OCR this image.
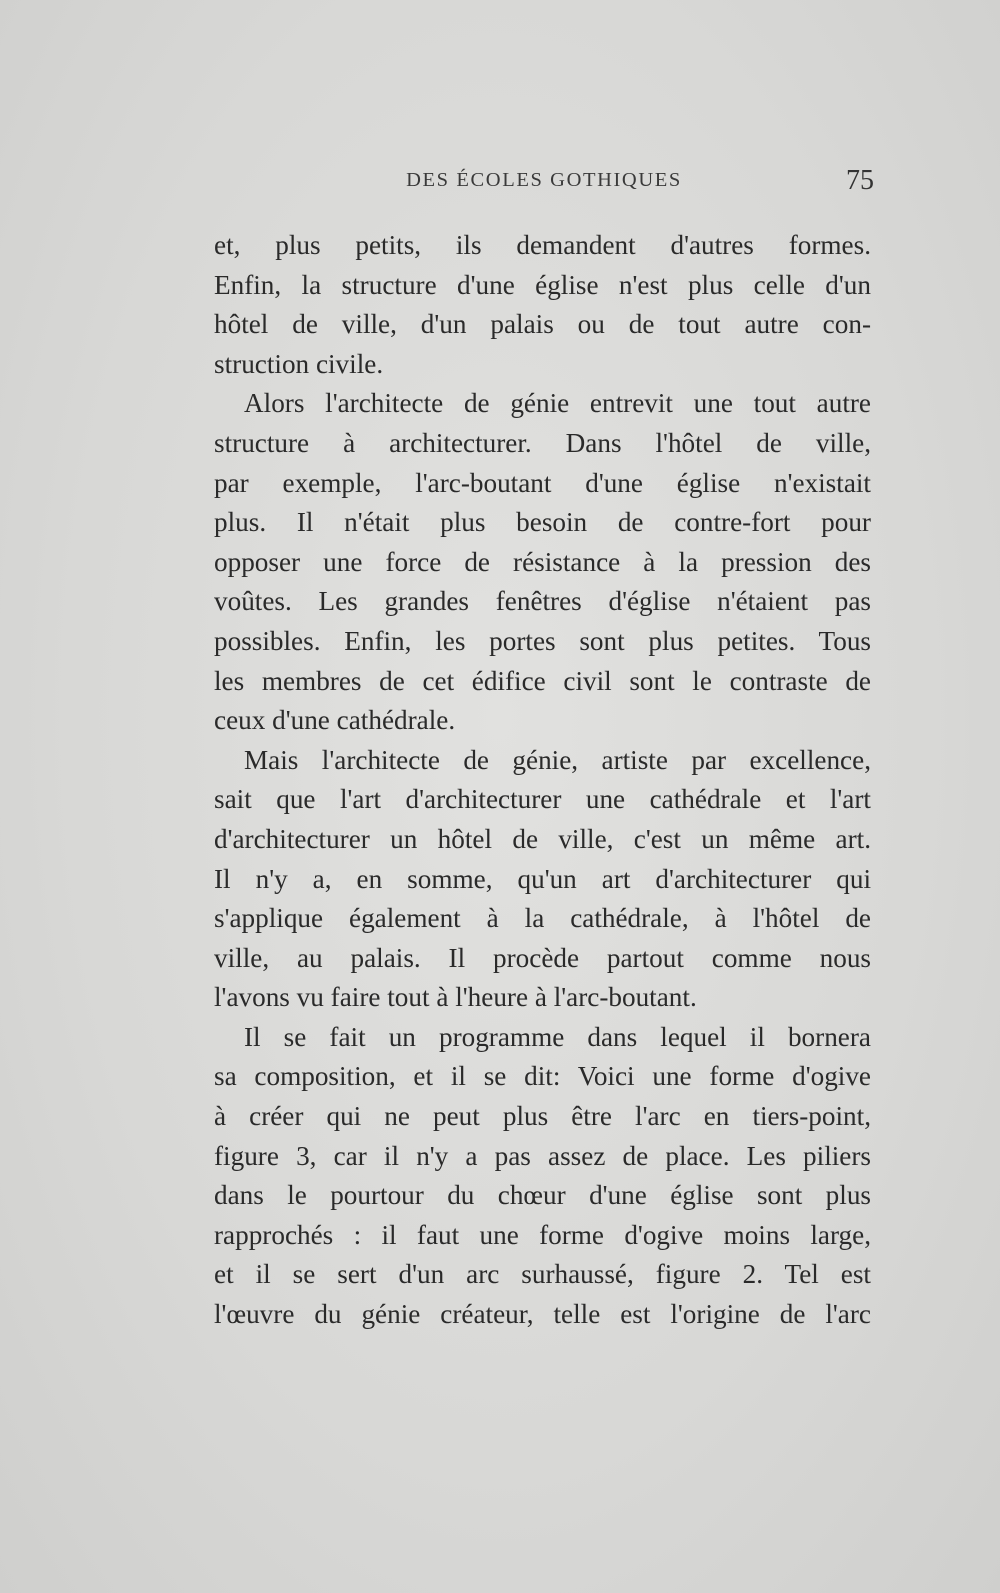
DES ÉCOLES GOTHIQUES	75
et, plus petits, ils demandent d'autres formes.
Enfin, la structure d'une église n'est plus celle d'un
hôtel de ville, d'un palais ou de tout autre con-
struction civile.
Alors l'architecte de génie entrevit une tout autre
structure à architecturer. Dans l'hôtel de ville,
par exemple, l'arc-boutant d'une église n'existait
plus. Il n'était plus besoin de contre-fort pour
opposer une force de résistance à la pression des
voûtes. Les grandes fenêtres d'église n'étaient pas
possibles. Enfin, les portes sont plus petites. Tous
les membres de cet édifice civil sont le contraste de
ceux d'une cathédrale.
Mais l'architecte de génie, artiste par excellence,
sait que l'art d'architecturer une cathédrale et l'art
d'architecturer un hôtel de ville, c'est un même art.
Il n'y a, en somme, qu'un art d'architecturer qui
s'applique également à la cathédrale, à l'hôtel de
ville, au palais. Il procède partout comme nous
l'avons vu faire tout à l'heure à l'arc-boutant.
Il se fait un programme dans lequel il bornera
sa composition, et il se dit: Voici une forme d'ogive
à créer qui ne peut plus être l'arc en tiers-point,
figure 3, car il n'y a pas assez de place. Les piliers
dans le pourtour du chœur d'une église sont plus
rapprochés : il faut une forme d'ogive moins large,
et il se sert d'un arc surhaussé, figure 2. Tel est
l'œuvre du génie créateur, telle est l'origine de l'arc
